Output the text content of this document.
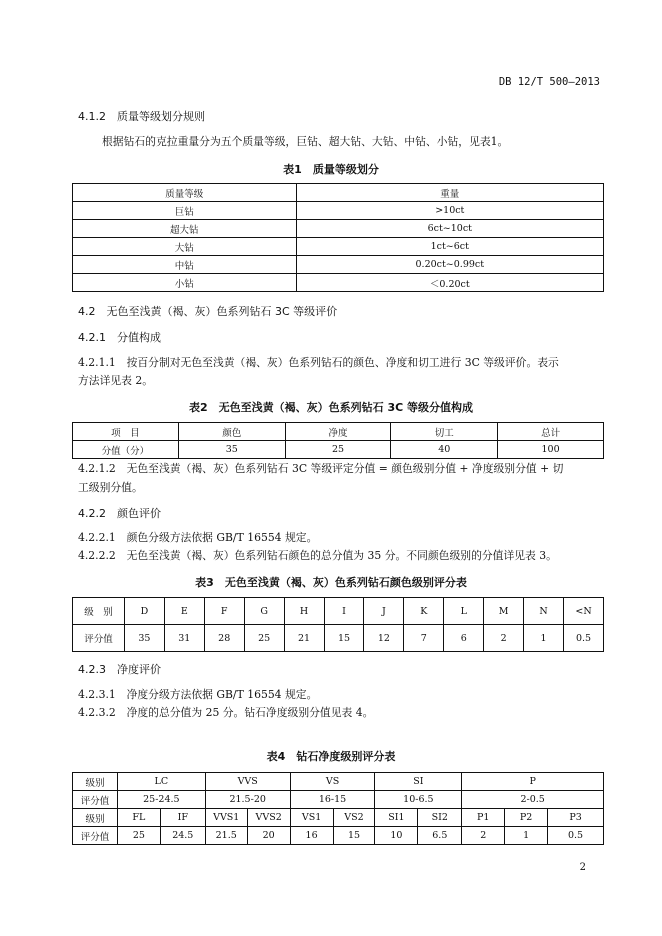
DB 12/T 500—2013
4.1.2　质量等级划分规则
根据钻石的克拉重量分为五个质量等级，巨钻、超大钻、大钻、中钻、小钻，见表1。
表1　质量等级划分
质量等级	重量
巨钻	>10ct
超大钻	6ct~10ct
大钻	1ct~6ct
中钻	0.20ct~0.99ct
小钻	＜0.20ct
4.2　无色至浅黄（褐、灰）色系列钻石 3C 等级评价
4.2.1　分值构成
4.2.1.1　按百分制对无色至浅黄（褐、灰）色系列钻石的颜色、净度和切工进行 3C 等级评价。表示
方法详见表 2。
表2　无色至浅黄（褐、灰）色系列钻石 3C 等级分值构成
项　目	颜色	净度	切工	总计
分值（分）	35	25	40	100
4.2.1.2　无色至浅黄（褐、灰）色系列钻石 3C 等级评定分值 = 颜色级别分值 + 净度级别分值 + 切
工级别分值。
4.2.2　颜色评价
4.2.2.1　颜色分级方法依据 GB/T 16554 规定。
4.2.2.2　无色至浅黄（褐、灰）色系列钻石颜色的总分值为 35 分。不同颜色级别的分值详见表 3。
表3　无色至浅黄（褐、灰）色系列钻石颜色级别评分表
级　别	D	E	F	G	H	I	J	K	L	M	N	<N
评分值	35	31	28	25	21	15	12	7	6	2	1	0.5
4.2.3　净度评价
4.2.3.1　净度分级方法依据 GB/T 16554 规定。
4.2.3.2　净度的总分值为 25 分。钻石净度级别分值见表 4。
表4　钻石净度级别评分表
级别	LC		VVS		VS		SI		P		
评分值	25-24.5		21.5-20		16-15		10-6.5		2-0.5		
级别	FL	IF	VVS1	VVS2	VS1	VS2	SI1	SI2	P1	P2	P3
评分值	25	24.5	21.5	20	16	15	10	6.5	2	1	0.5
2
